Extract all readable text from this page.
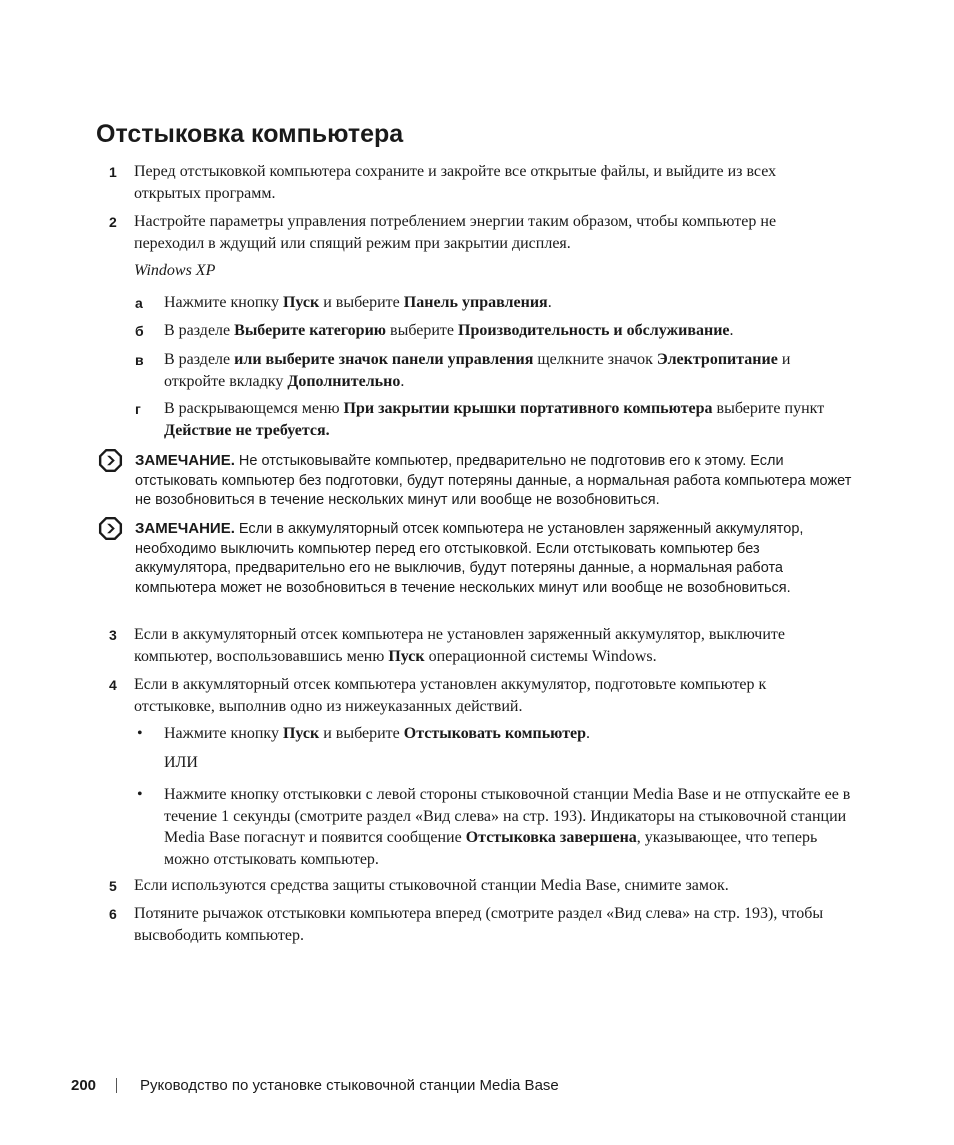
Отстыковка компьютера
1 Перед отстыковкой компьютера сохраните и закройте все открытые файлы, и выйдите из всех открытых программ.
2 Настройте параметры управления потреблением энергии таким образом, чтобы компьютер не переходил в ждущий или спящий режим при закрытии дисплея.
Windows XP
a Нажмите кнопку Пуск и выберите Панель управления.
б В разделе Выберите категорию выберите Производительность и обслуживание.
в В разделе или выберите значок панели управления щелкните значок Электропитание и откройте вкладку Дополнительно.
г В раскрывающемся меню При закрытии крышки портативного компьютера выберите пункт Действие не требуется.
ЗАМЕЧАНИЕ. Не отстыковывайте компьютер, предварительно не подготовив его к этому. Если отстыковать компьютер без подготовки, будут потеряны данные, а нормальная работа компьютера может не возобновиться в течение нескольких минут или вообще не возобновиться.
ЗАМЕЧАНИЕ. Если в аккумуляторный отсек компьютера не установлен заряженный аккумулятор, необходимо выключить компьютер перед его отстыковкой. Если отстыковать компьютер без аккумулятора, предварительно его не выключив, будут потеряны данные, а нормальная работа компьютера может не возобновиться в течение нескольких минут или вообще не возобновиться.
3 Если в аккумуляторный отсек компьютера не установлен заряженный аккумулятор, выключите компьютер, воспользовавшись меню Пуск операционной системы Windows.
4 Если в аккумляторный отсек компьютера установлен аккумулятор, подготовьте компьютер к отстыковке, выполнив одно из нижеуказанных действий.
• Нажмите кнопку Пуск и выберите Отстыковать компьютер.
ИЛИ
• Нажмите кнопку отстыковки с левой стороны стыковочной станции Media Base и не отпускайте ее в течение 1 секунды (смотрите раздел «Вид слева» на стр. 193). Индикаторы на стыковочной станции Media Base погаснут и появится сообщение Отстыковка завершена, указывающее, что теперь можно отстыковать компьютер.
5 Если используются средства защиты стыковочной станции Media Base, снимите замок.
6 Потяните рычажок отстыковки компьютера вперед (смотрите раздел «Вид слева» на стр. 193), чтобы высвободить компьютер.
200	Руководство по установке стыковочной станции Media Base
